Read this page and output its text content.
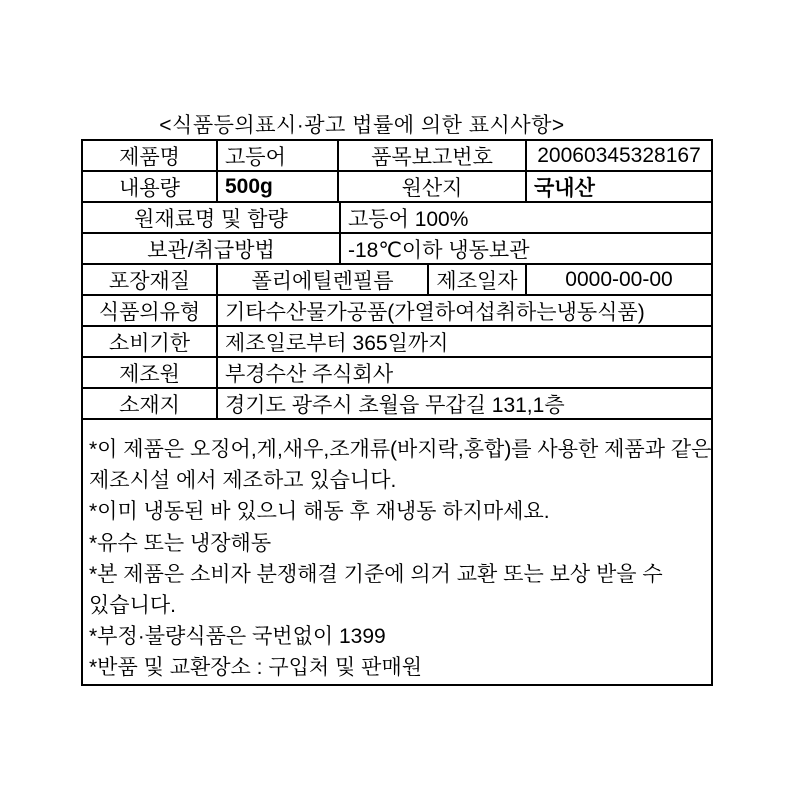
<식품등의표시·광고 법률에 의한 표시사항>
제품명	고등어	품목보고번호	20060345328167
내용량	500g	원산지	국내산
원재료명 및 함량	고등어 100%
보관/취급방법	-18℃이하 냉동보관
포장재질	폴리에틸렌필름	제조일자	0000-00-00
식품의유형	기타수산물가공품(가열하여섭취하는냉동식품)
소비기한	제조일로부터 365일까지
제조원	부경수산 주식회사
소재지	경기도 광주시 초월읍 무갑길 131,1층
*이 제품은 오징어,게,새우,조개류(바지락,홍합)를 사용한 제품과 같은
제조시설 에서 제조하고 있습니다.
*이미 냉동된 바 있으니 해동 후 재냉동 하지마세요.
*유수 또는 냉장해동
*본 제품은 소비자 분쟁해결 기준에 의거 교환 또는 보상 받을 수
있습니다.
*부정·불량식품은 국번없이 1399
*반품 및 교환장소 : 구입처 및 판매원
